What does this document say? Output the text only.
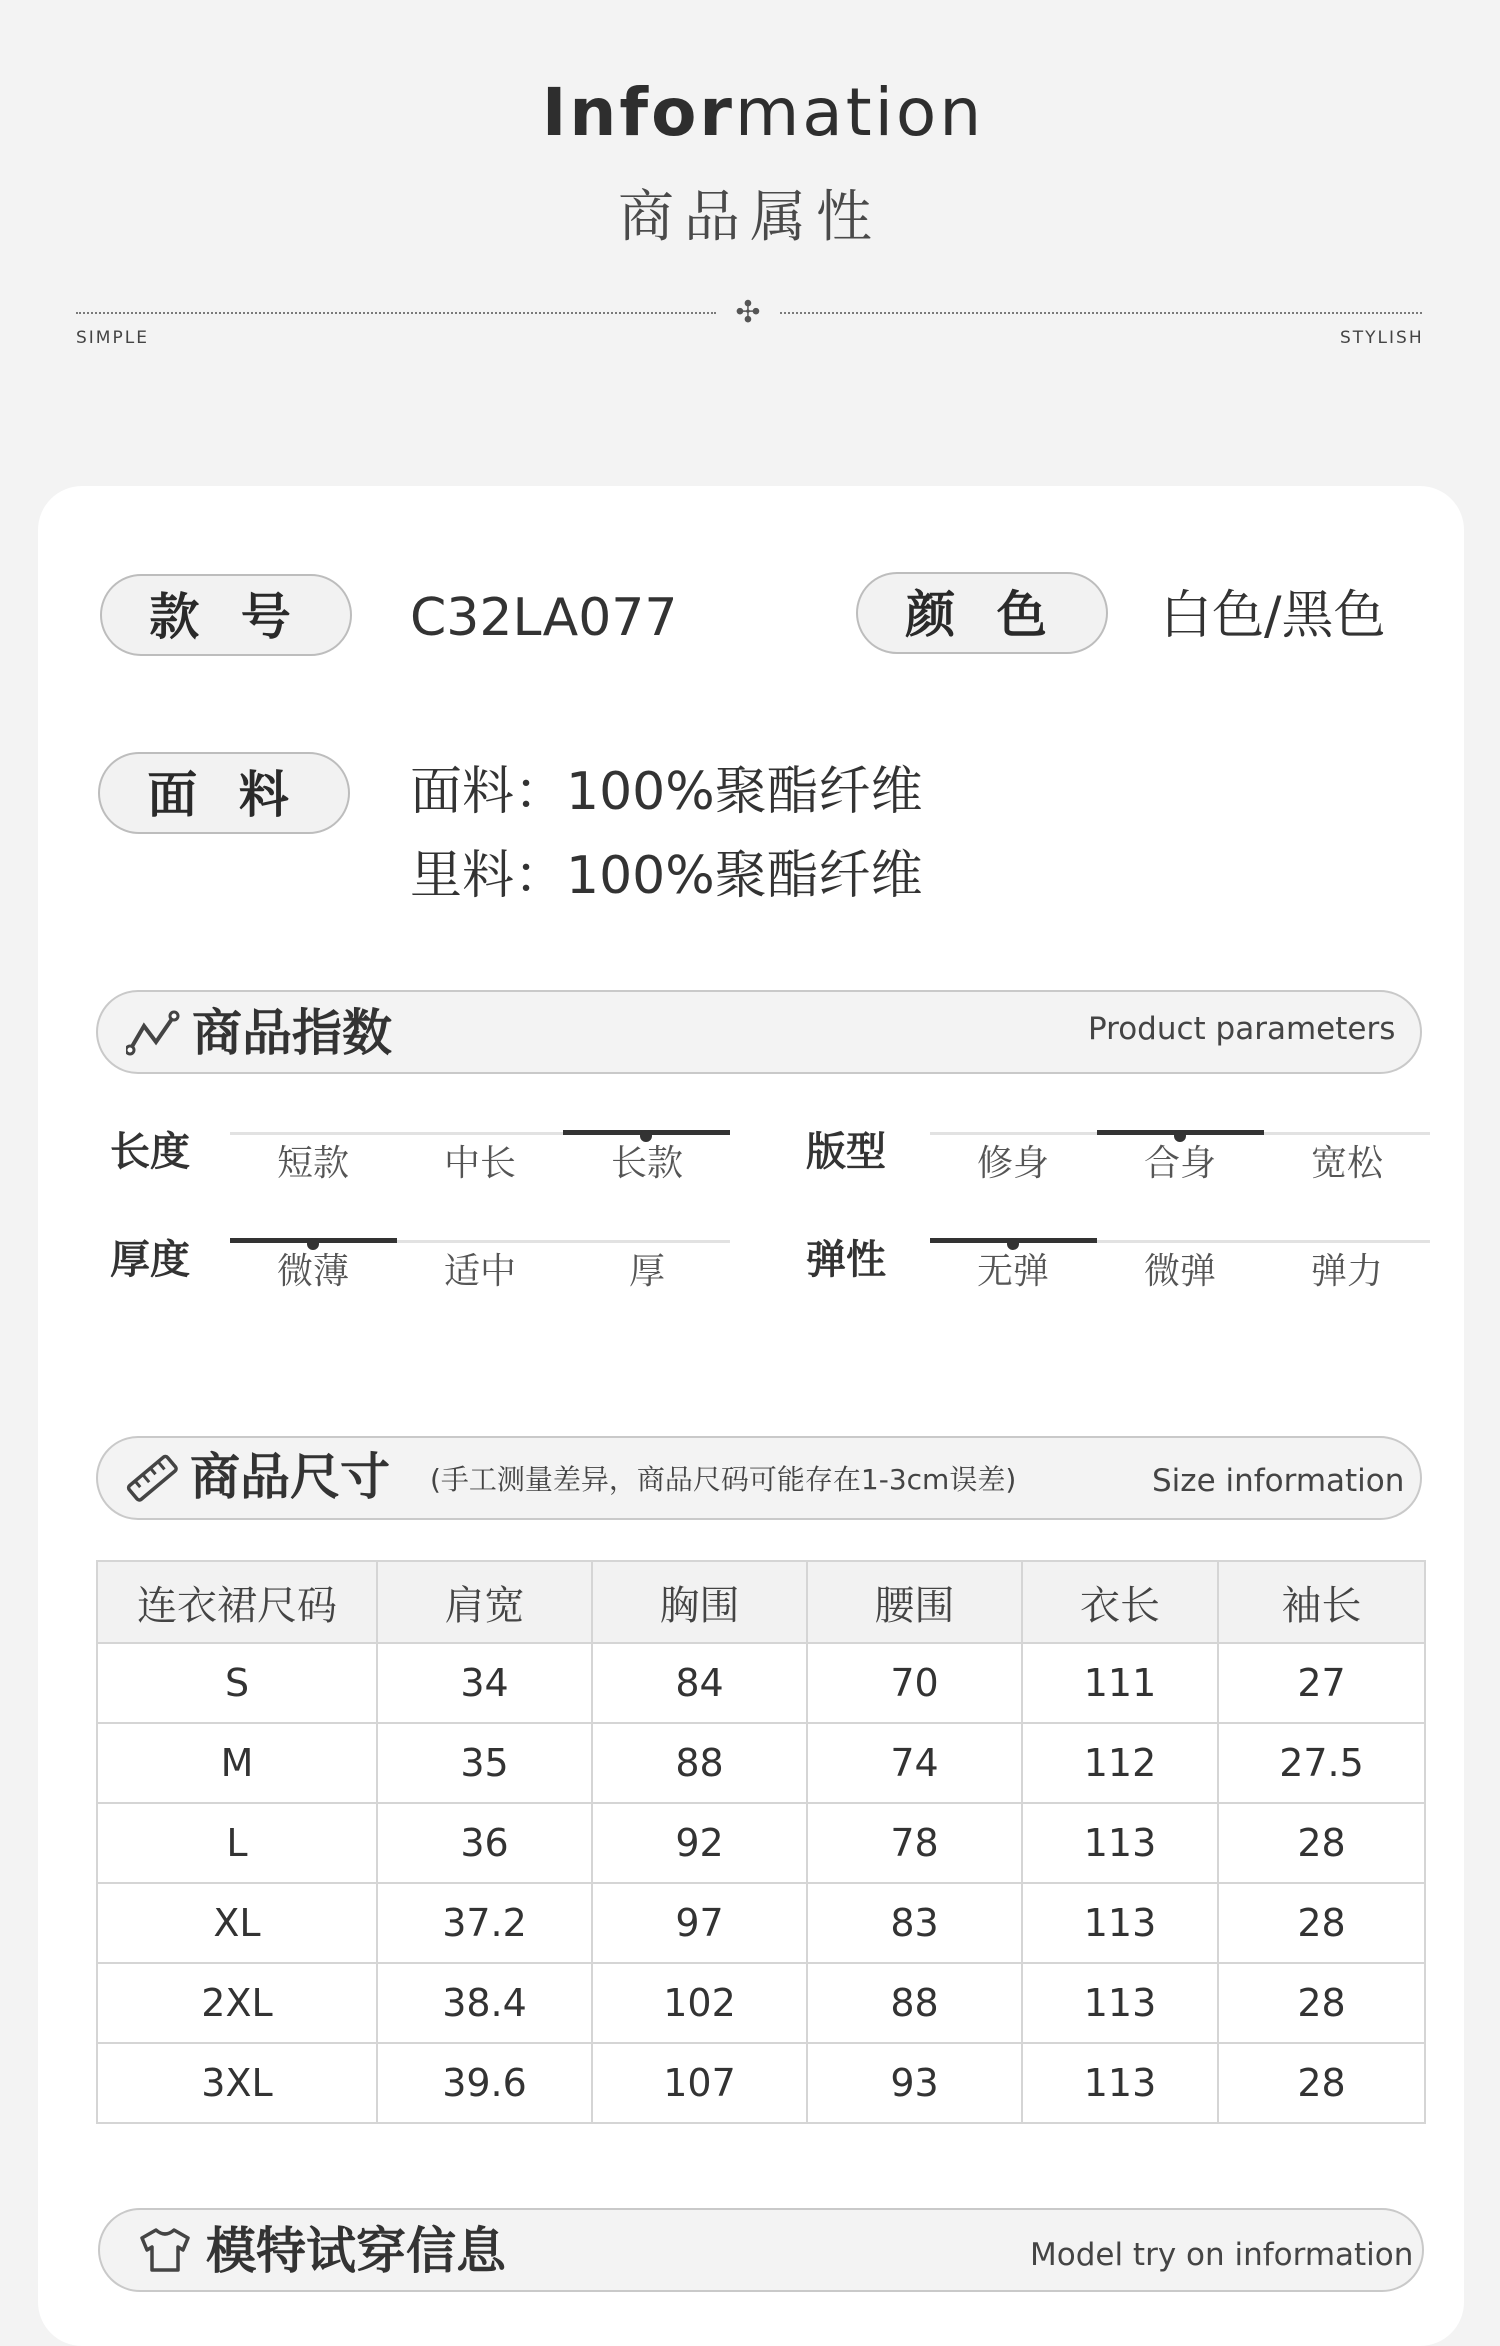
Information
商品属性
✣
SIMPLE	STYLISH
款 号	C32LA077	颜 色	白色/黑色
面 料	面料：100%聚酯纤维
里料：100%聚酯纤维
商品指数	Product parameters
长度	短款	中长	长款	版型	修身	合身	宽松
厚度	微薄	适中	厚	弹性	无弹	微弹	弹力
商品尺寸 (手工测量差异，商品尺码可能存在1-3cm误差)	Size information
连衣裙尺码	肩宽	胸围	腰围	衣长	袖长
S	34	84	70	111	27
M	35	88	74	112	27.5
L	36	92	78	113	28
XL	37.2	97	83	113	28
2XL	38.4	102	88	113	28
3XL	39.6	107	93	113	28
模特试穿信息	Model try on information
